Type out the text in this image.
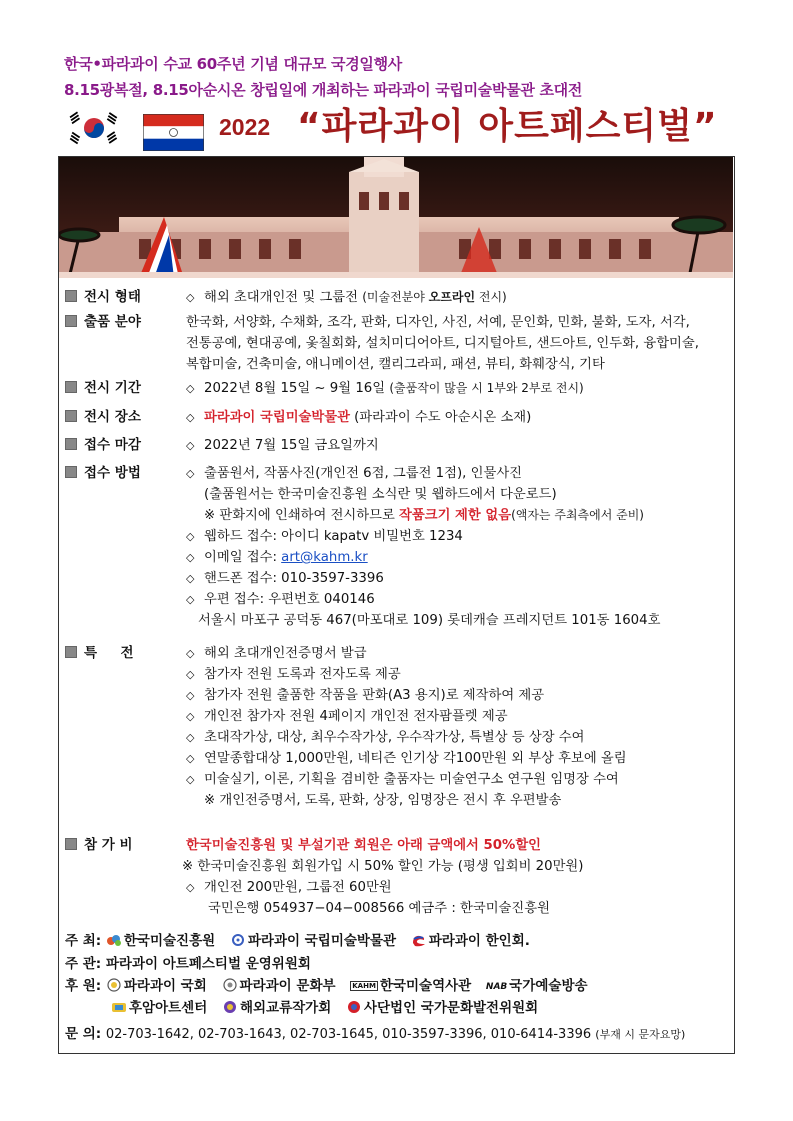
한국•파라과이 수교 60주년 기념 대규모 국경일행사
8.15광복절, 8.15아순시온 창립일에 개최하는 파라과이 국립미술박물관 초대전
2022 “파라과이 아트페스티벌”
전시 형태	◇ 해외 초대개인전 및 그룹전 (미술전분야 오프라인 전시)
출품 분야	한국화, 서양화, 수채화, 조각, 판화, 디자인, 사진, 서예, 문인화, 민화, 불화, 도자, 서각,
전통공예, 현대공예, 옻칠회화, 설치미디어아트, 디지털아트, 샌드아트, 인두화, 융합미술,
복합미술, 건축미술, 애니메이션, 캘리그라피, 패션, 뷰티, 화훼장식, 기타
전시 기간	◇ 2022년 8월 15일 ~ 9월 16일 (출품작이 많을 시 1부와 2부로 전시)
전시 장소	◇ 파라과이 국립미술박물관 (파라과이 수도 아순시온 소재)
접수 마감	◇ 2022년 7월 15일 금요일까지
접수 방법	◇ 출품원서, 작품사진(개인전 6점, 그룹전 1점), 인물사진
(출품원서는 한국미술진흥원 소식란 및 웹하드에서 다운로드)
※ 판화지에 인쇄하여 전시하므로 작품크기 제한 없음(액자는 주최측에서 준비)
◇ 웹하드 접수: 아이디 kapatv 비밀번호 1234
◇ 이메일 접수: art@kahm.kr
◇ 핸드폰 접수: 010-3597-3396
◇ 우편 접수: 우편번호 040146
서울시 마포구 공덕동 467(마포대로 109) 롯데캐슬 프레지던트 101동 1604호
특     전	◇ 해외 초대개인전증명서 발급
◇ 참가자 전원 도록과 전자도록 제공
◇ 참가자 전원 출품한 작품을 판화(A3 용지)로 제작하여 제공
◇ 개인전 참가자 전원 4페이지 개인전 전자팜플렛 제공
◇ 초대작가상, 대상, 최우수작가상, 우수작가상, 특별상 등 상장 수여
◇ 연말종합대상 1,000만원, 네티즌 인기상 각100만원 외 부상 후보에 올림
◇ 미술실기, 이론, 기획을 겸비한 출품자는 미술연구소 연구원 임명장 수여
※ 개인전증명서, 도록, 판화, 상장, 임명장은 전시 후 우편발송
참 가 비	한국미술진흥원 및 부설기관 회원은 아래 금액에서 50%할인
※ 한국미술진흥원 회원가입 시 50% 할인 가능 (평생 입회비 20만원)
◇ 개인전 200만원, 그룹전 60만원
국민은행 054937−04−008566 예금주 : 한국미술진흥원
주 최: 한국미술진흥원 파라과이 국립미술박물관 파라과이 한인회.
주 관: 파라과이 아트페스티벌 운영위원회
후 원: 파라과이 국회 파라과이 문화부 KAHM 한국미술역사관 NAB 국가예술방송
후암아트센터 해외교류작가회 사단법인 국가문화발전위원회
문 의: 02-703-1642, 02-703-1643, 02-703-1645, 010-3597-3396, 010-6414-3396 (부재 시 문자요망)
